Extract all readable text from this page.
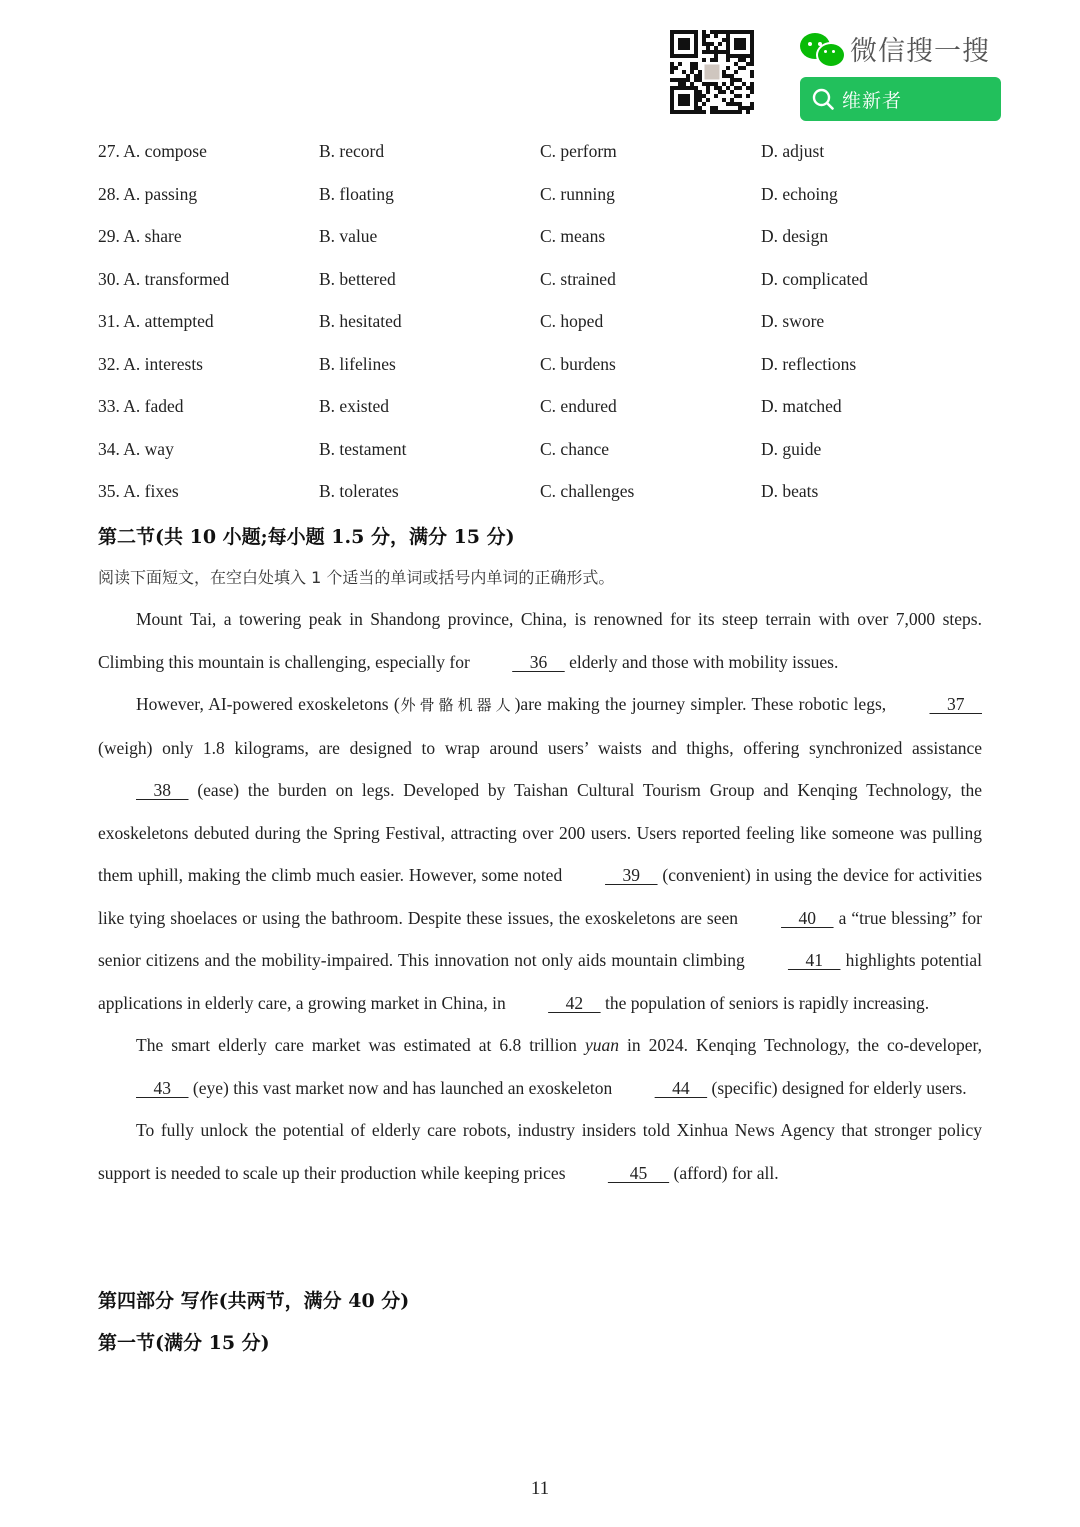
微信搜一搜
维新者
27. A. compose	B. record	C. perform	D. adjust
28. A. passing	B. floating	C. running	D. echoing
29. A. share	B. value	C. means	D. design
30. A. transformed	B. bettered	C. strained	D. complicated
31. A. attempted	B. hesitated	C. hoped	D. swore
32. A. interests	B. lifelines	C. burdens	D. reflections
33. A. faded	B. existed	C. endured	D. matched
34. A. way	B. testament	C. chance	D. guide
35. A. fixes	B. tolerates	C. challenges	D. beats
第二节(共 10 小题;每小题 1.5 分，满分 15 分)
阅读下面短文，在空白处填入 1 个适当的单词或括号内单词的正确形式。

Mount Tai, a towering peak in Shandong province, China, is renowned for its steep terrain with over 7,000 steps. Climbing this mountain is challenging, especially for     36     elderly and those with mobility issues.

However, AI-powered exoskeletons (外骨骼机器人)are making the journey simpler. These robotic legs,     37     (weigh) only 1.8 kilograms, are designed to wrap around users’ waists and thighs, offering synchronized assistance     38     (ease) the burden on legs. Developed by Taishan Cultural Tourism Group and Kenqing Technology, the exoskeletons debuted during the Spring Festival, attracting over 200 users. Users reported feeling like someone was pulling them uphill, making the climb much easier. However, some noted     39     (convenient) in using the device for activities like tying shoelaces or using the bathroom. Despite these issues, the exoskeletons are seen     40     a “true blessing” for senior citizens and the mobility-impaired. This innovation not only aids mountain climbing     41     highlights potential applications in elderly care, a growing market in China, in     42     the population of seniors is rapidly increasing.

The smart elderly care market was estimated at 6.8 trillion yuan in 2024. Kenqing Technology, the co-developer,     43     (eye) this vast market now and has launched an exoskeleton     44     (specific) designed for elderly users.

To fully unlock the potential of elderly care robots, industry insiders told Xinhua News Agency that stronger policy support is needed to scale up their production while keeping prices      45      (afford) for all.

第四部分 写作(共两节，满分 40 分)
第一节(满分 15 分)
11
